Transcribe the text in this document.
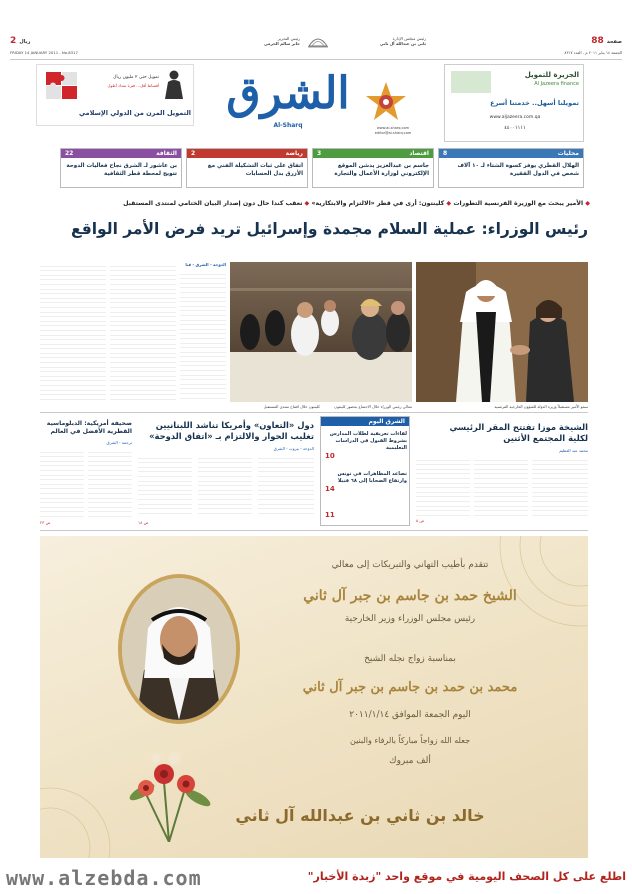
2 ريال
رئيس التحرير
جابر سالم الحرمي
رئيس مجلس الإدارة
ثاني بن عبدالله آل ثاني	صفحة 88
FRIDAY 14 JANUARY 2011 - No.8317	الجمعة ١٤ يناير ٢٠١١ م - العدد ٨٣١٧
تمويل حتى ٢ مليون ريال
أقساط أقل... فترة سداد أطول
التمويل المرن من الدولي الإسلامي الشرق
Al-Sharq	www.al-sharq.com
editor@al-sharq.com
الجزيرة للتمويل
Al Jazeera finance
تمويلنا أسهل.. خدمتنا أسرع
www.aljazeera.com.qa
٤٤٠٠١١١١
22	الثقافة
بن عاشور لـ الشرق نجاح فعاليات الدوحة تتويج لمحطة قطر الثقافية
2	رياضة
اتفاق على ثبات التشكيلة الفني مع الأزرق بدل الحسابات
3	اقتصاد
جاسم بن عبدالعزيز يدشن الموقع الإلكتروني لوزارة الأعمال والتجارة
8	محليات
الهلال القطري يوفر كسوة الشتاء لـ ١٠ آلاف شخص في الدول الفقيرة
◆ الأمير يبحث مع الوزيرة الفرنسية التطورات ◆ كلينتون: أرى في قطر «الالتزام والابتكارية» ◆ تعقب كندا حال دون إصدار البيان الختامي لمنتدى المستقبل
رئيس الوزراء: عملية السلام مجمدة وإسرائيل تريد فرض الأمر الواقع
الدوحة - الشرق - قنا
كلينتون خلال افتتاح منتدى المستقبل	معالي رئيس الوزراء خلال الاجتماع بحضور كلينتون	سمو الأمير مستقبلاً وزيرة الدولة للشؤون الخارجية الفرنسية
صحيفة أمريكية: الدبلوماسية
القطرية الأفضل في العالم
ترجمة - الشرق
ص ٢٣
دول «التعاون» وأمريكا تناشد اللبنانيين
تغليب الحوار والالتزام بـ «اتفاق الدوحة»
الدوحة - بيروت - الشرق
ص ١٨
الشرق اليوم
لقاءات تعريفية لطلاب المدارس بشروط القبول في الدراسات التعليمية
10
تصاعد المظاهرات في تونس وارتفاع الضحايا إلى ٦٨ قتيلا
14
11
الشيخة موزا تفتتح المقر الرئيسي
لكلية المجتمع الأثنين
محمد عبد العظيم
ص ٥
تتقدم بأطيب التهاني والتبريكات إلى معالي
الشيخ حمد بن جاسم بن جبر آل ثاني
رئيس مجلس الوزراء وزير الخارجية
بمناسبة زواج نجله الشيخ
محمد بن حمد بن جاسم بن جبر آل ثاني
اليوم الجمعة الموافق ٢٠١١/١/١٤
جعله الله زواجاً مباركاً بالرفاء والبنين
ألف مبروك
خالد بن ثاني بن عبدالله آل ثاني
www.alzebda.com	اطلع على كل الصحف اليومية في موقع واحد "زبدة الأخبار"
